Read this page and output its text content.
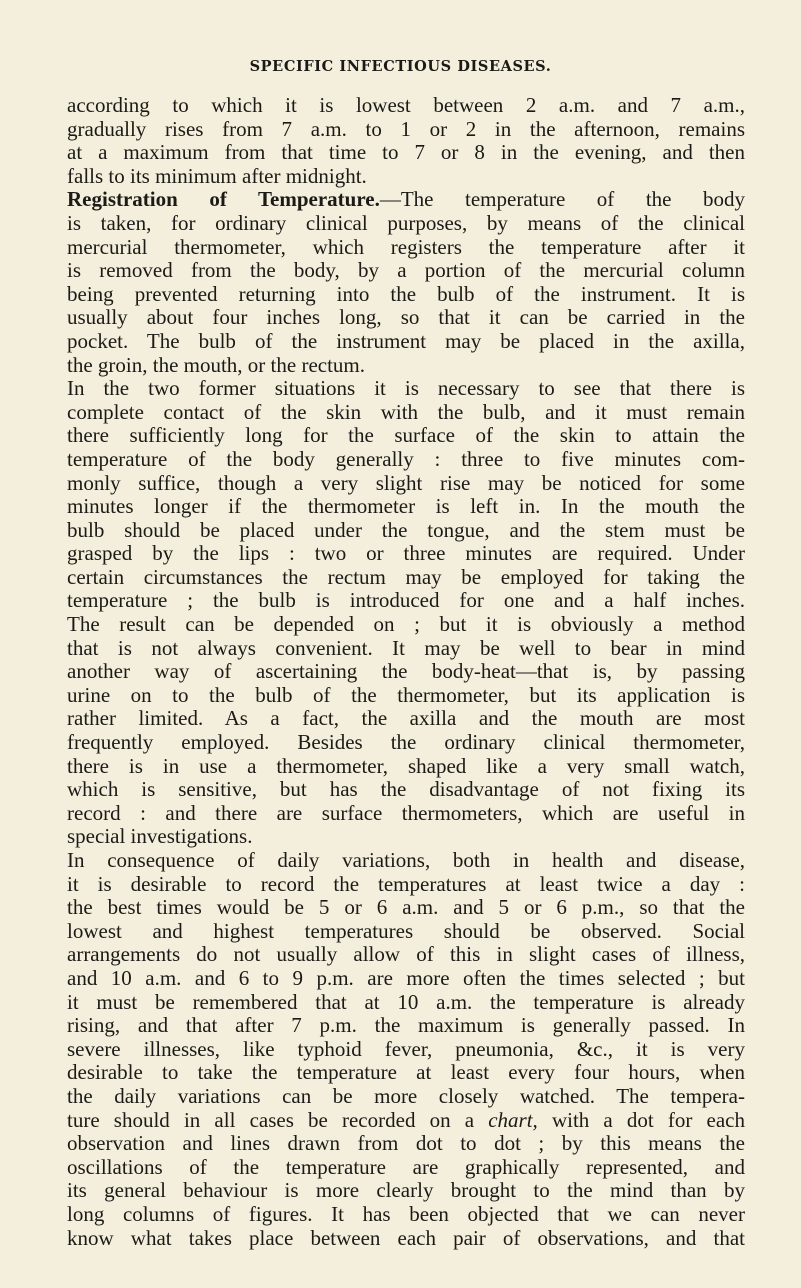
SPECIFIC INFECTIOUS DISEASES.
according to which it is lowest between 2 a.m. and 7 a.m.,
gradually rises from 7 a.m. to 1 or 2 in the afternoon, remains
at a maximum from that time to 7 or 8 in the evening, and then
falls to its minimum after midnight.
Registration of Temperature.—The temperature of the body
is taken, for ordinary clinical purposes, by means of the clinical
mercurial thermometer, which registers the temperature after it
is removed from the body, by a portion of the mercurial column
being prevented returning into the bulb of the instrument. It is
usually about four inches long, so that it can be carried in the
pocket. The bulb of the instrument may be placed in the axilla,
the groin, the mouth, or the rectum.
In the two former situations it is necessary to see that there is
complete contact of the skin with the bulb, and it must remain
there sufficiently long for the surface of the skin to attain the
temperature of the body generally : three to five minutes com-
monly suffice, though a very slight rise may be noticed for some
minutes longer if the thermometer is left in. In the mouth the
bulb should be placed under the tongue, and the stem must be
grasped by the lips : two or three minutes are required. Under
certain circumstances the rectum may be employed for taking the
temperature ; the bulb is introduced for one and a half inches.
The result can be depended on ; but it is obviously a method
that is not always convenient. It may be well to bear in mind
another way of ascertaining the body-heat—that is, by passing
urine on to the bulb of the thermometer, but its application is
rather limited. As a fact, the axilla and the mouth are most
frequently employed. Besides the ordinary clinical thermometer,
there is in use a thermometer, shaped like a very small watch,
which is sensitive, but has the disadvantage of not fixing its
record : and there are surface thermometers, which are useful in
special investigations.
In consequence of daily variations, both in health and disease,
it is desirable to record the temperatures at least twice a day :
the best times would be 5 or 6 a.m. and 5 or 6 p.m., so that the
lowest and highest temperatures should be observed. Social
arrangements do not usually allow of this in slight cases of illness,
and 10 a.m. and 6 to 9 p.m. are more often the times selected ; but
it must be remembered that at 10 a.m. the temperature is already
rising, and that after 7 p.m. the maximum is generally passed. In
severe illnesses, like typhoid fever, pneumonia, &c., it is very
desirable to take the temperature at least every four hours, when
the daily variations can be more closely watched. The tempera-
ture should in all cases be recorded on a chart, with a dot for each
observation and lines drawn from dot to dot ; by this means the
oscillations of the temperature are graphically represented, and
its general behaviour is more clearly brought to the mind than by
long columns of figures. It has been objected that we can never
know what takes place between each pair of observations, and that
